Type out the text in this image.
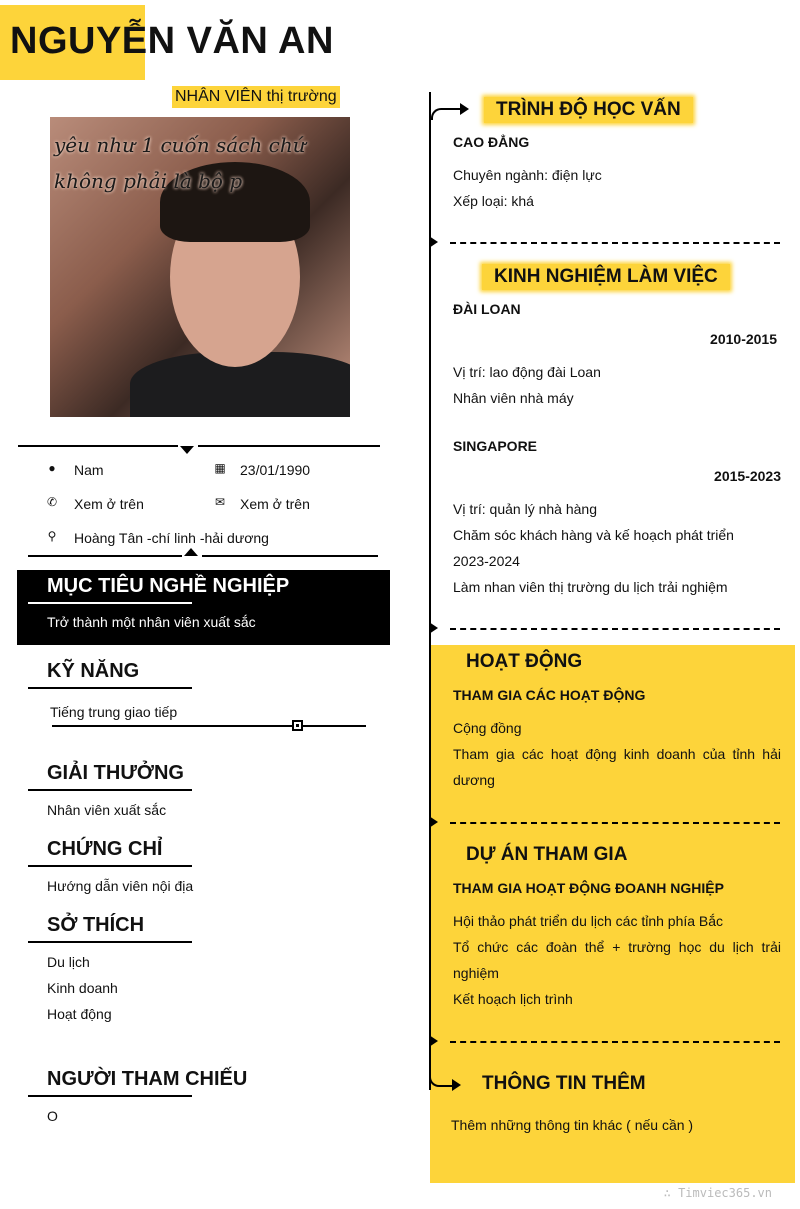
NGUYỄN VĂN AN
NHÂN VIÊN thị trường
yêu như 1 cuốn sách chứ không phải là bộ p
● Nam	▦ 23/01/1990
✆ Xem ở trên	✉ Xem ở trên
⚲ Hoàng Tân -chí linh -hải dương
MỤC TIÊU NGHỀ NGHIỆP
Trở thành một nhân viên xuất sắc
KỸ NĂNG
Tiếng trung giao tiếp
GIẢI THƯỞNG
Nhân viên xuất sắc
CHỨNG CHỈ
Hướng dẫn viên nội địa
SỞ THÍCH
Du lịch
Kinh doanh
Hoạt động
NGƯỜI THAM CHIẾU
O
TRÌNH ĐỘ HỌC VẤN
CAO ĐẲNG
Chuyên ngành: điện lực
Xếp loại: khá
KINH NGHIỆM LÀM VIỆC
ĐÀI LOAN
2010-2015
Vị trí: lao động đài Loan
Nhân viên nhà máy
SINGAPORE
2015-2023
Vị trí: quản lý nhà hàng
Chăm sóc khách hàng và kế hoạch phát triển
2023-2024
Làm nhan viên thị trường du lịch trải nghiệm
HOẠT ĐỘNG
THAM GIA CÁC HOẠT ĐỘNG
Cộng đồng
Tham gia các hoạt động kinh doanh của tỉnh hải dương
DỰ ÁN THAM GIA
THAM GIA HOẠT ĐỘNG ĐOANH NGHIỆP
Hội thảo phát triển du lịch các tỉnh phía Bắc
Tổ chức các đoàn thể + trường học du lịch trải nghiệm
Kết hoạch lịch trình
THÔNG TIN THÊM
Thêm những thông tin khác ( nếu cần )
∴ Timviec365.vn
